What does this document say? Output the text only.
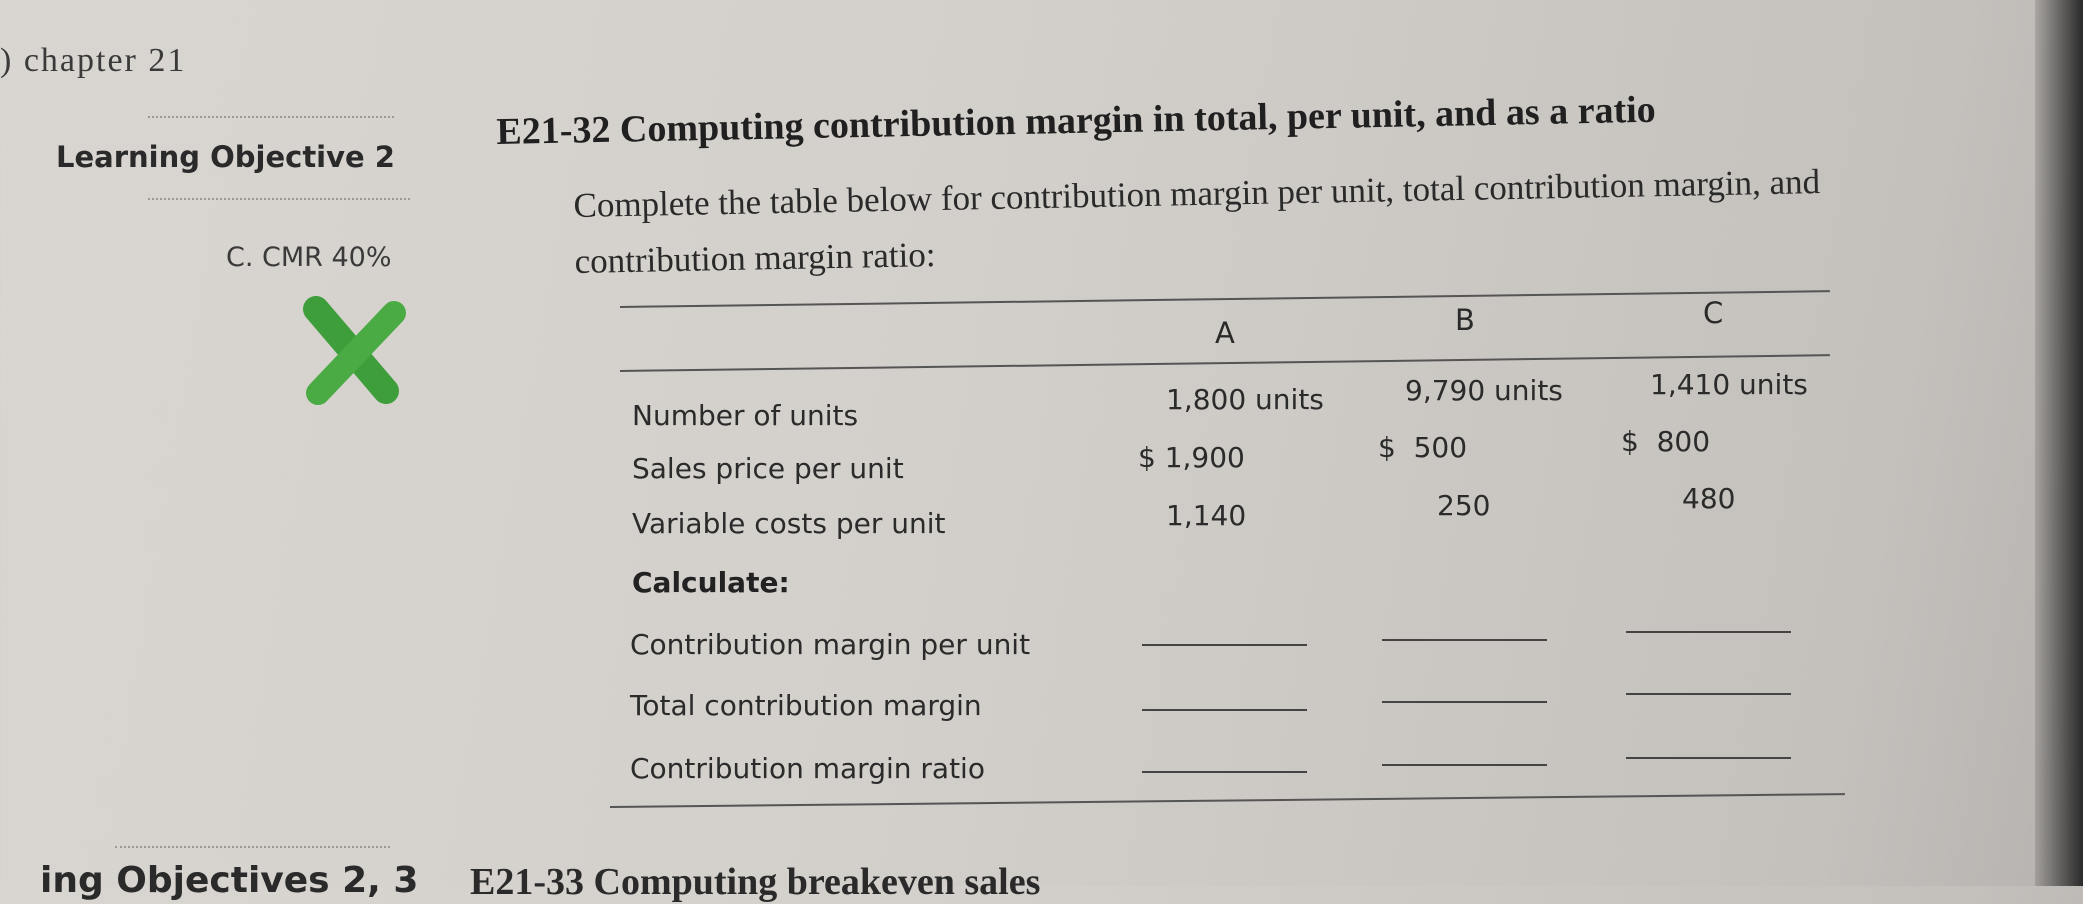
) chapter 21
Learning Objective 2
C. CMR 40%
E21-32 Computing contribution margin in total, per unit, and as a ratio
Complete the table below for contribution margin per unit, total contribution margin, and contribution margin ratio:
A	B	C
Number of units	1,800 units	9,790 units	1,410 units
Sales price per unit	$ 1,900	$  500	$  800
Variable costs per unit	1,140	250	480
Calculate:
Contribution margin per unit
Total contribution margin
Contribution margin ratio
ing Objectives 2, 3 E21-33 Computing breakeven sales
